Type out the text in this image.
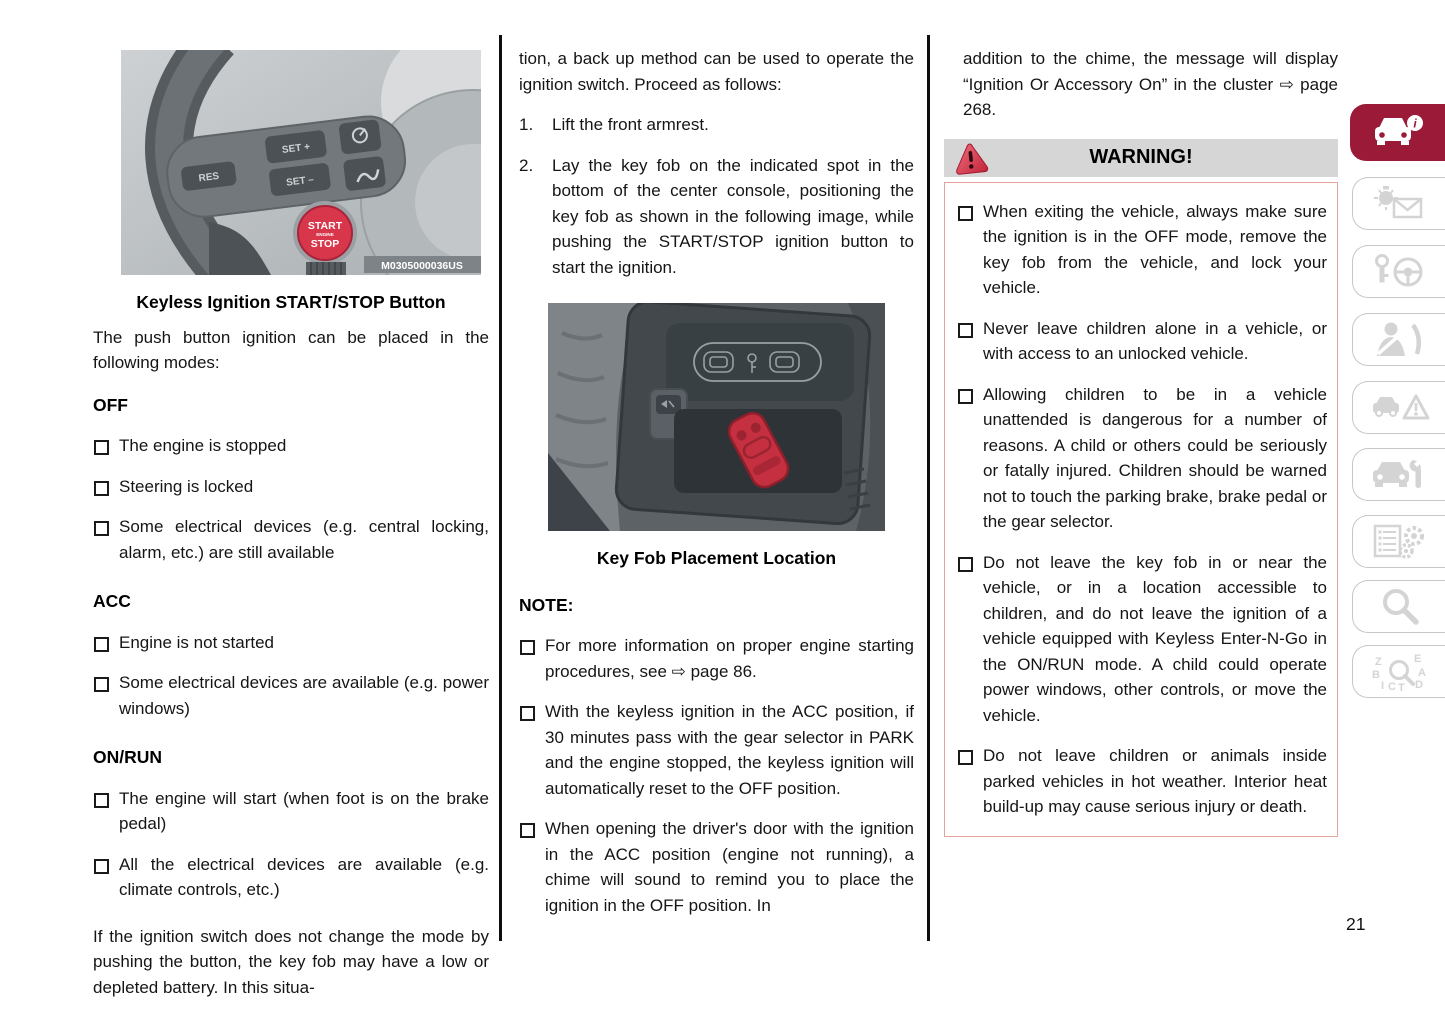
RES
SET +
SET –
START
ENGINE
STOP
M0305000036US
Keyless Ignition START/STOP Button

The push button ignition can be placed in the following modes:

OFF
The engine is stopped
Steering is locked
Some electrical devices (e.g. central locking, alarm, etc.) are still available
ACC
Engine is not started
Some electrical devices are available (e.g. power windows)
ON/RUN
The engine will start (when foot is on the brake pedal)
All the electrical devices are available (e.g. climate controls, etc.)

If the ignition switch does not change the mode by pushing the button, the key fob may have a low or depleted battery. In this situa-

tion, a back up method can be used to operate the ignition switch. Proceed as follows:

1.	Lift the front armrest.
2.	Lay the key fob on the indicated spot in the bottom of the center console, positioning the key fob as shown in the following image, while pushing the START/STOP ignition button to start the ignition.
Key Fob Placement Location
NOTE:
For more information on proper engine starting procedures, see ⇨ page 86.
With the keyless ignition in the ACC position, if 30 minutes pass with the gear selector in PARK and the engine stopped, the keyless ignition will automatically reset to the OFF position.
When opening the driver's door with the ignition in the ACC position (engine not running), a chime will sound to remind you to place the ignition in the OFF position. In

addition to the chime, the message will display “Ignition Or Accessory On” in the cluster ⇨ page 268.

WARNING!
When exiting the vehicle, always make sure the ignition is in the OFF mode, remove the key fob from the vehicle, and lock your vehicle.
Never leave children alone in a vehicle, or with access to an unlocked vehicle.
Allowing children to be in a vehicle unattended is dangerous for a number of reasons. A child or others could be seriously or fatally injured. Children should be warned not to touch the parking brake, brake pedal or the gear selector.
Do not leave the key fob in or near the vehicle, or in a location accessible to children, and do not leave the ignition of a vehicle equipped with Keyless Enter-N-Go in the ON/RUN mode. A child could operate power windows, other controls, or move the vehicle.
Do not leave children or animals inside parked vehicles in hot weather. Interior heat build-up may cause serious injury or death.
i
Z	E
B	A
I C T D
21
